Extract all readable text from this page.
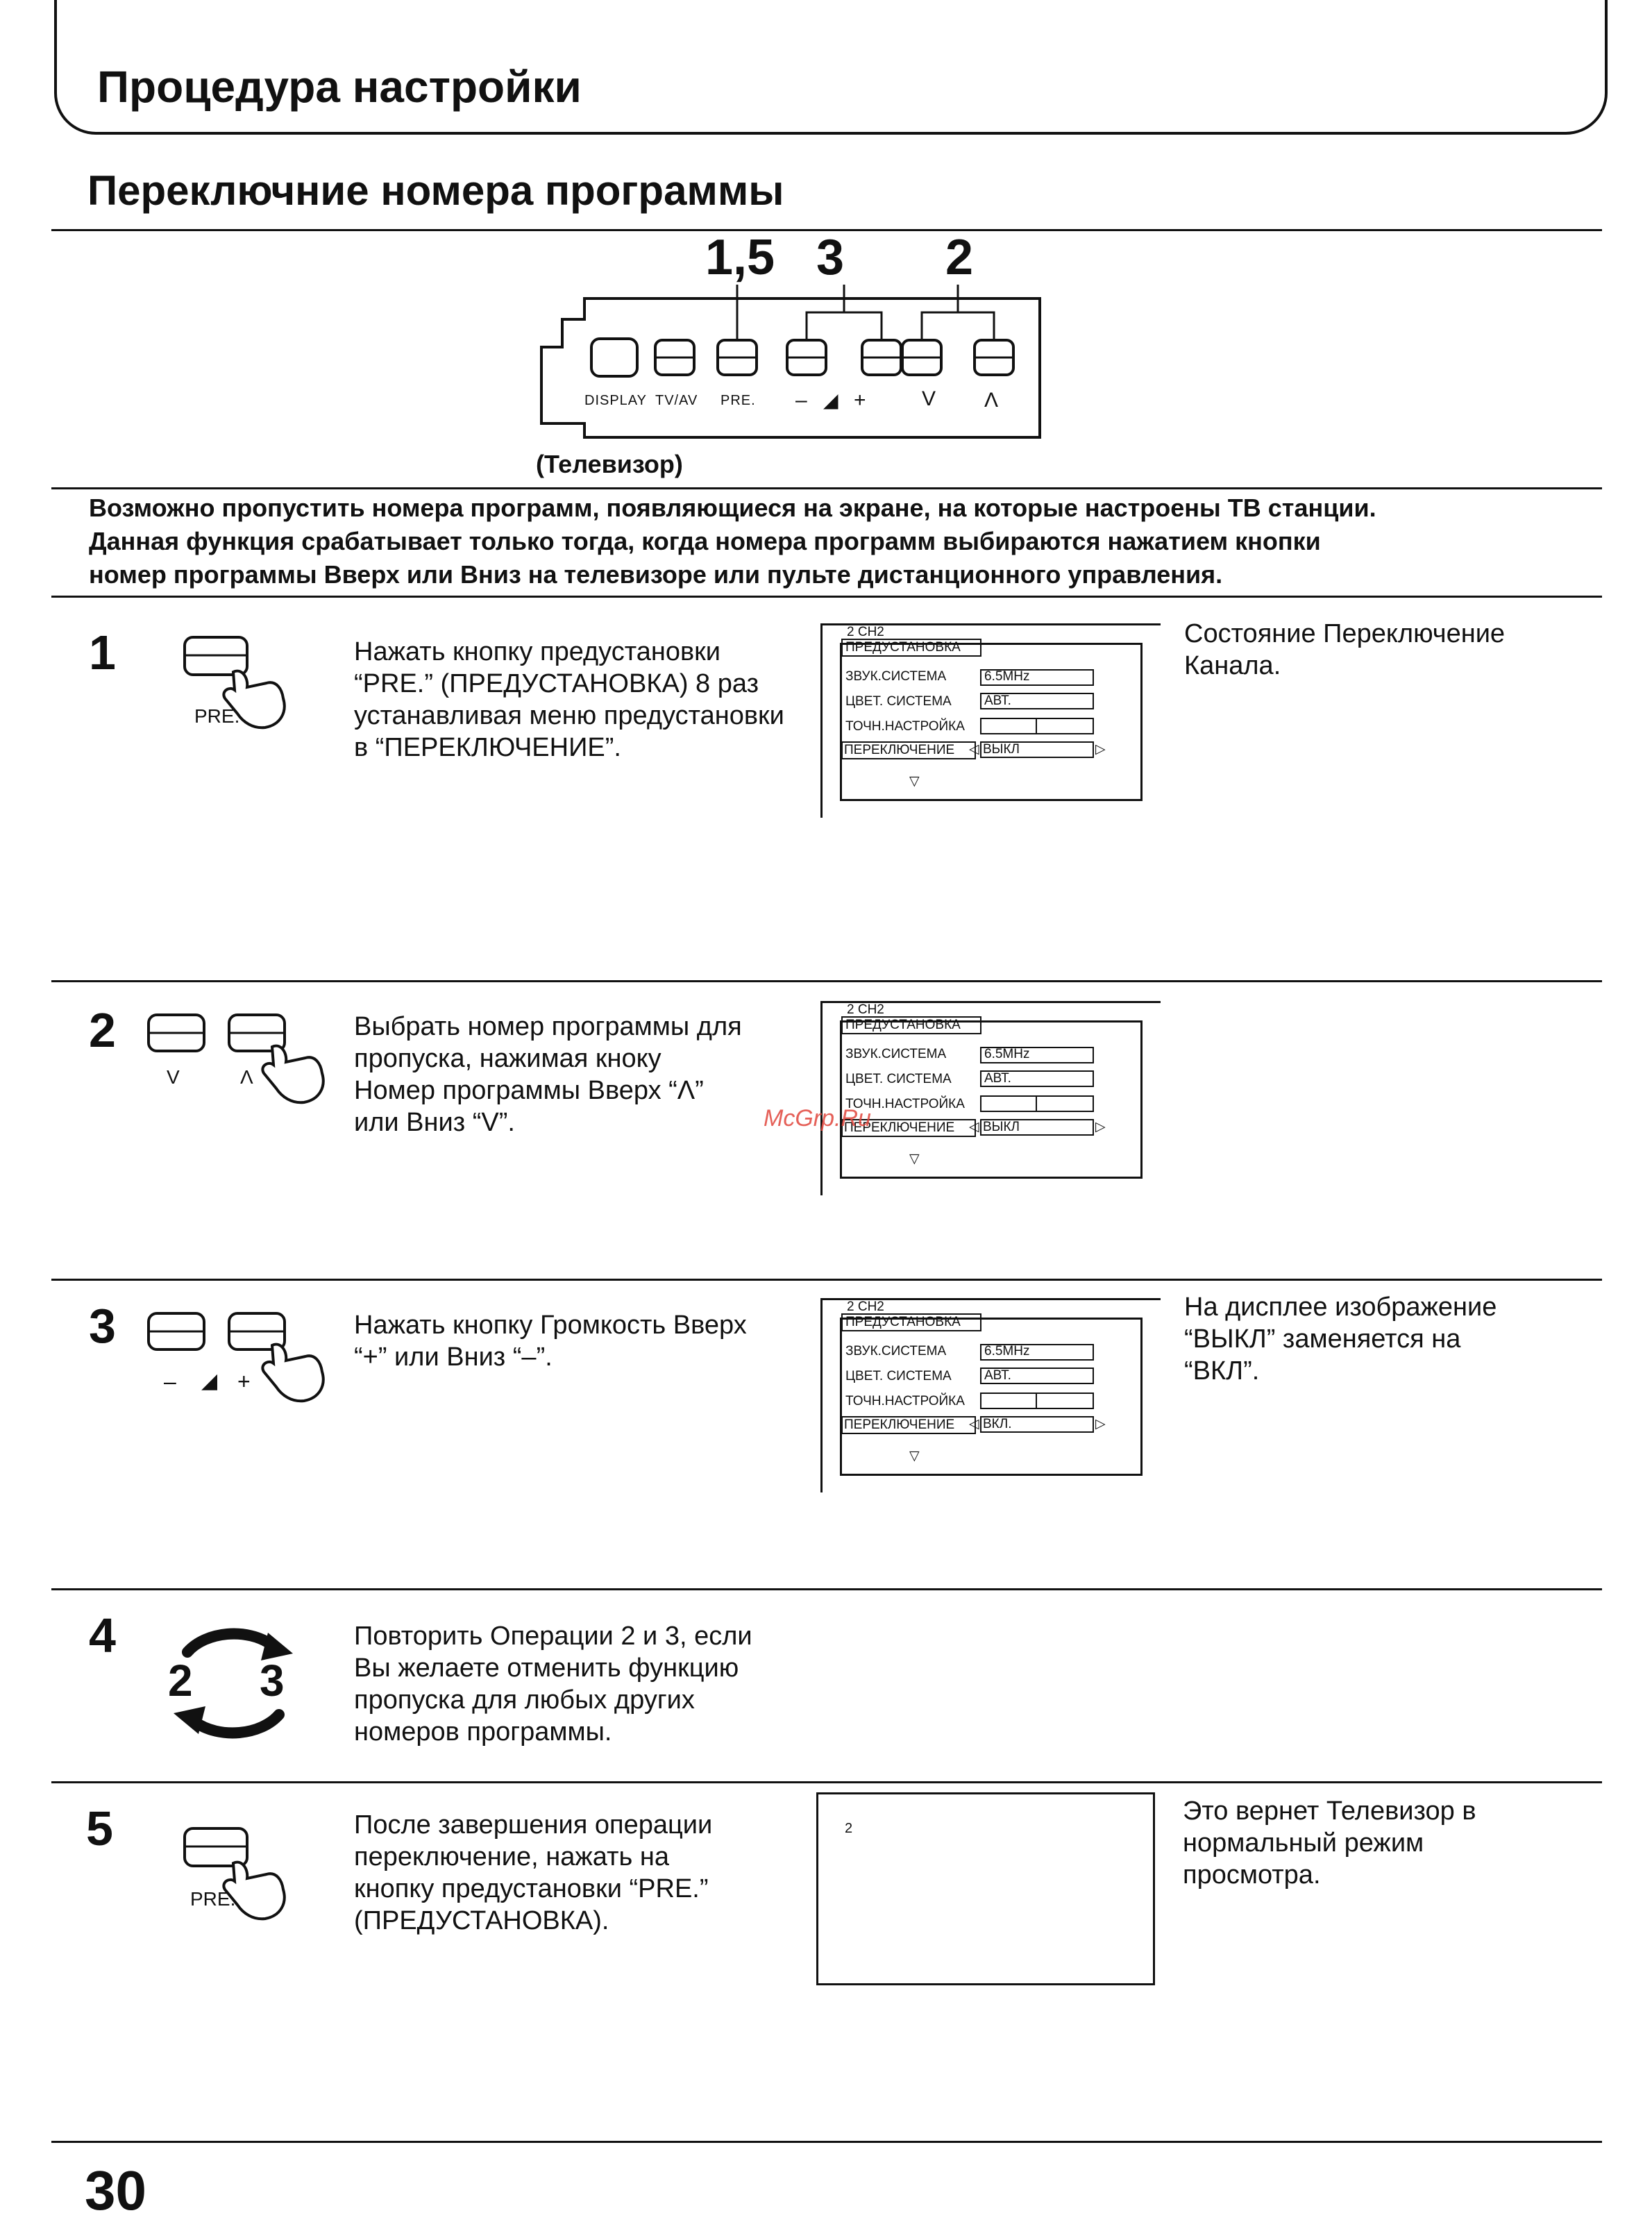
Процедура настройки
Переключние номера программы
1,5 3 2
DISPLAY TV/AV PRE. – ◢ +	V Λ
(Телевизор)
Возможно пропустить номера программ, появляющиеся на экране, на которые настроены ТВ станции.
Данная функция срабатывает только тогда, когда номера программ выбираются нажатием кнопки
номер программы Вверх или Вниз на телевизоре или пульте дистанционного управления.
1
PRE.
Нажать кнопку предустановки
“PRE.” (ПРЕДУСТАНОВКА) 8 раз
устанавливая меню предустановки
в “ПЕРЕКЛЮЧЕНИЕ”.
2 CH2
ПРЕДУСТАНОВКА
ЗВУК.СИСТЕМА	6.5MHz
ЦВЕТ. СИСТЕМА АВТ.
ТОЧН.НАСТРОЙКА
ПЕРЕКЛЮЧЕНИЕ ◁ ВЫКЛ	▷
▽
Состояние Переключение
Канала.
2
V	Λ
Выбрать номер программы для
пропуска, нажимая кноку
Номер программы Вверх “Λ”
или Вниз “V”.
2 CH2
ПРЕДУСТАНОВКА
ЗВУК.СИСТЕМА	6.5MHz
ЦВЕТ. СИСТЕМА АВТ.
ТОЧН.НАСТРОЙКА
ПЕРЕКЛЮЧЕНИЕ ◁ ВЫКЛ	▷
▽
McGrp.Ru
3
– ◢ +
Нажать кнопку Громкость Вверх
“+” или Вниз “–”.
2 CH2
ПРЕДУСТАНОВКА
ЗВУК.СИСТЕМА	6.5MHz
ЦВЕТ. СИСТЕМА АВТ.
ТОЧН.НАСТРОЙКА
ПЕРЕКЛЮЧЕНИЕ ◁ ВКЛ.	▷
▽
На дисплее изображение
“ВЫКЛ” заменяется на
“ВКЛ”.
4
2 3
Повторить Операции 2 и 3, если
Вы желаете отменить функцию
пропуска для любых других
номеров программы.
5
PRE.
После завершения операции
переключение, нажать на
кнопку предустановки “PRE.”
(ПРЕДУСТАНОВКА).
2
Это вернет Телевизор в
нормальный режим
просмотра.
30
